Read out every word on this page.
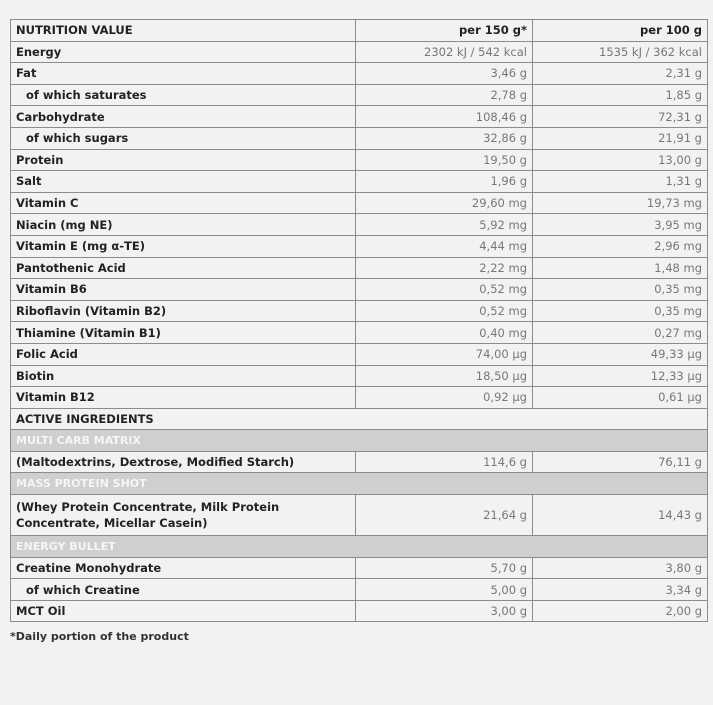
NUTRITION VALUE	per 150 g*	per 100 g
Energy	2302 kJ / 542 kcal	1535 kJ / 362 kcal
Fat	3,46 g	2,31 g
of which saturates	2,78 g	1,85 g
Carbohydrate	108,46 g	72,31 g
of which sugars	32,86 g	21,91 g
Protein	19,50 g	13,00 g
Salt	1,96 g	1,31 g
Vitamin C	29,60 mg	19,73 mg
Niacin (mg NE)	5,92 mg	3,95 mg
Vitamin E (mg α-TE)	4,44 mg	2,96 mg
Pantothenic Acid	2,22 mg	1,48 mg
Vitamin B6	0,52 mg	0,35 mg
Riboflavin (Vitamin B2)	0,52 mg	0,35 mg
Thiamine (Vitamin B1)	0,40 mg	0,27 mg
Folic Acid	74,00 µg	49,33 µg
Biotin	18,50 µg	12,33 µg
Vitamin B12	0,92 µg	0,61 µg
ACTIVE INGREDIENTS		
MULTI CARB MATRIX		
(Maltodextrins, Dextrose, Modified Starch)	114,6 g	76,11 g
MASS PROTEIN SHOT		
(Whey Protein Concentrate, Milk Protein Concentrate, Micellar Casein)	21,64 g	14,43 g
ENERGY BULLET		
Creatine Monohydrate	5,70 g	3,80 g
of which Creatine	5,00 g	3,34 g
MCT Oil	3,00 g	2,00 g
*Daily portion of the product
